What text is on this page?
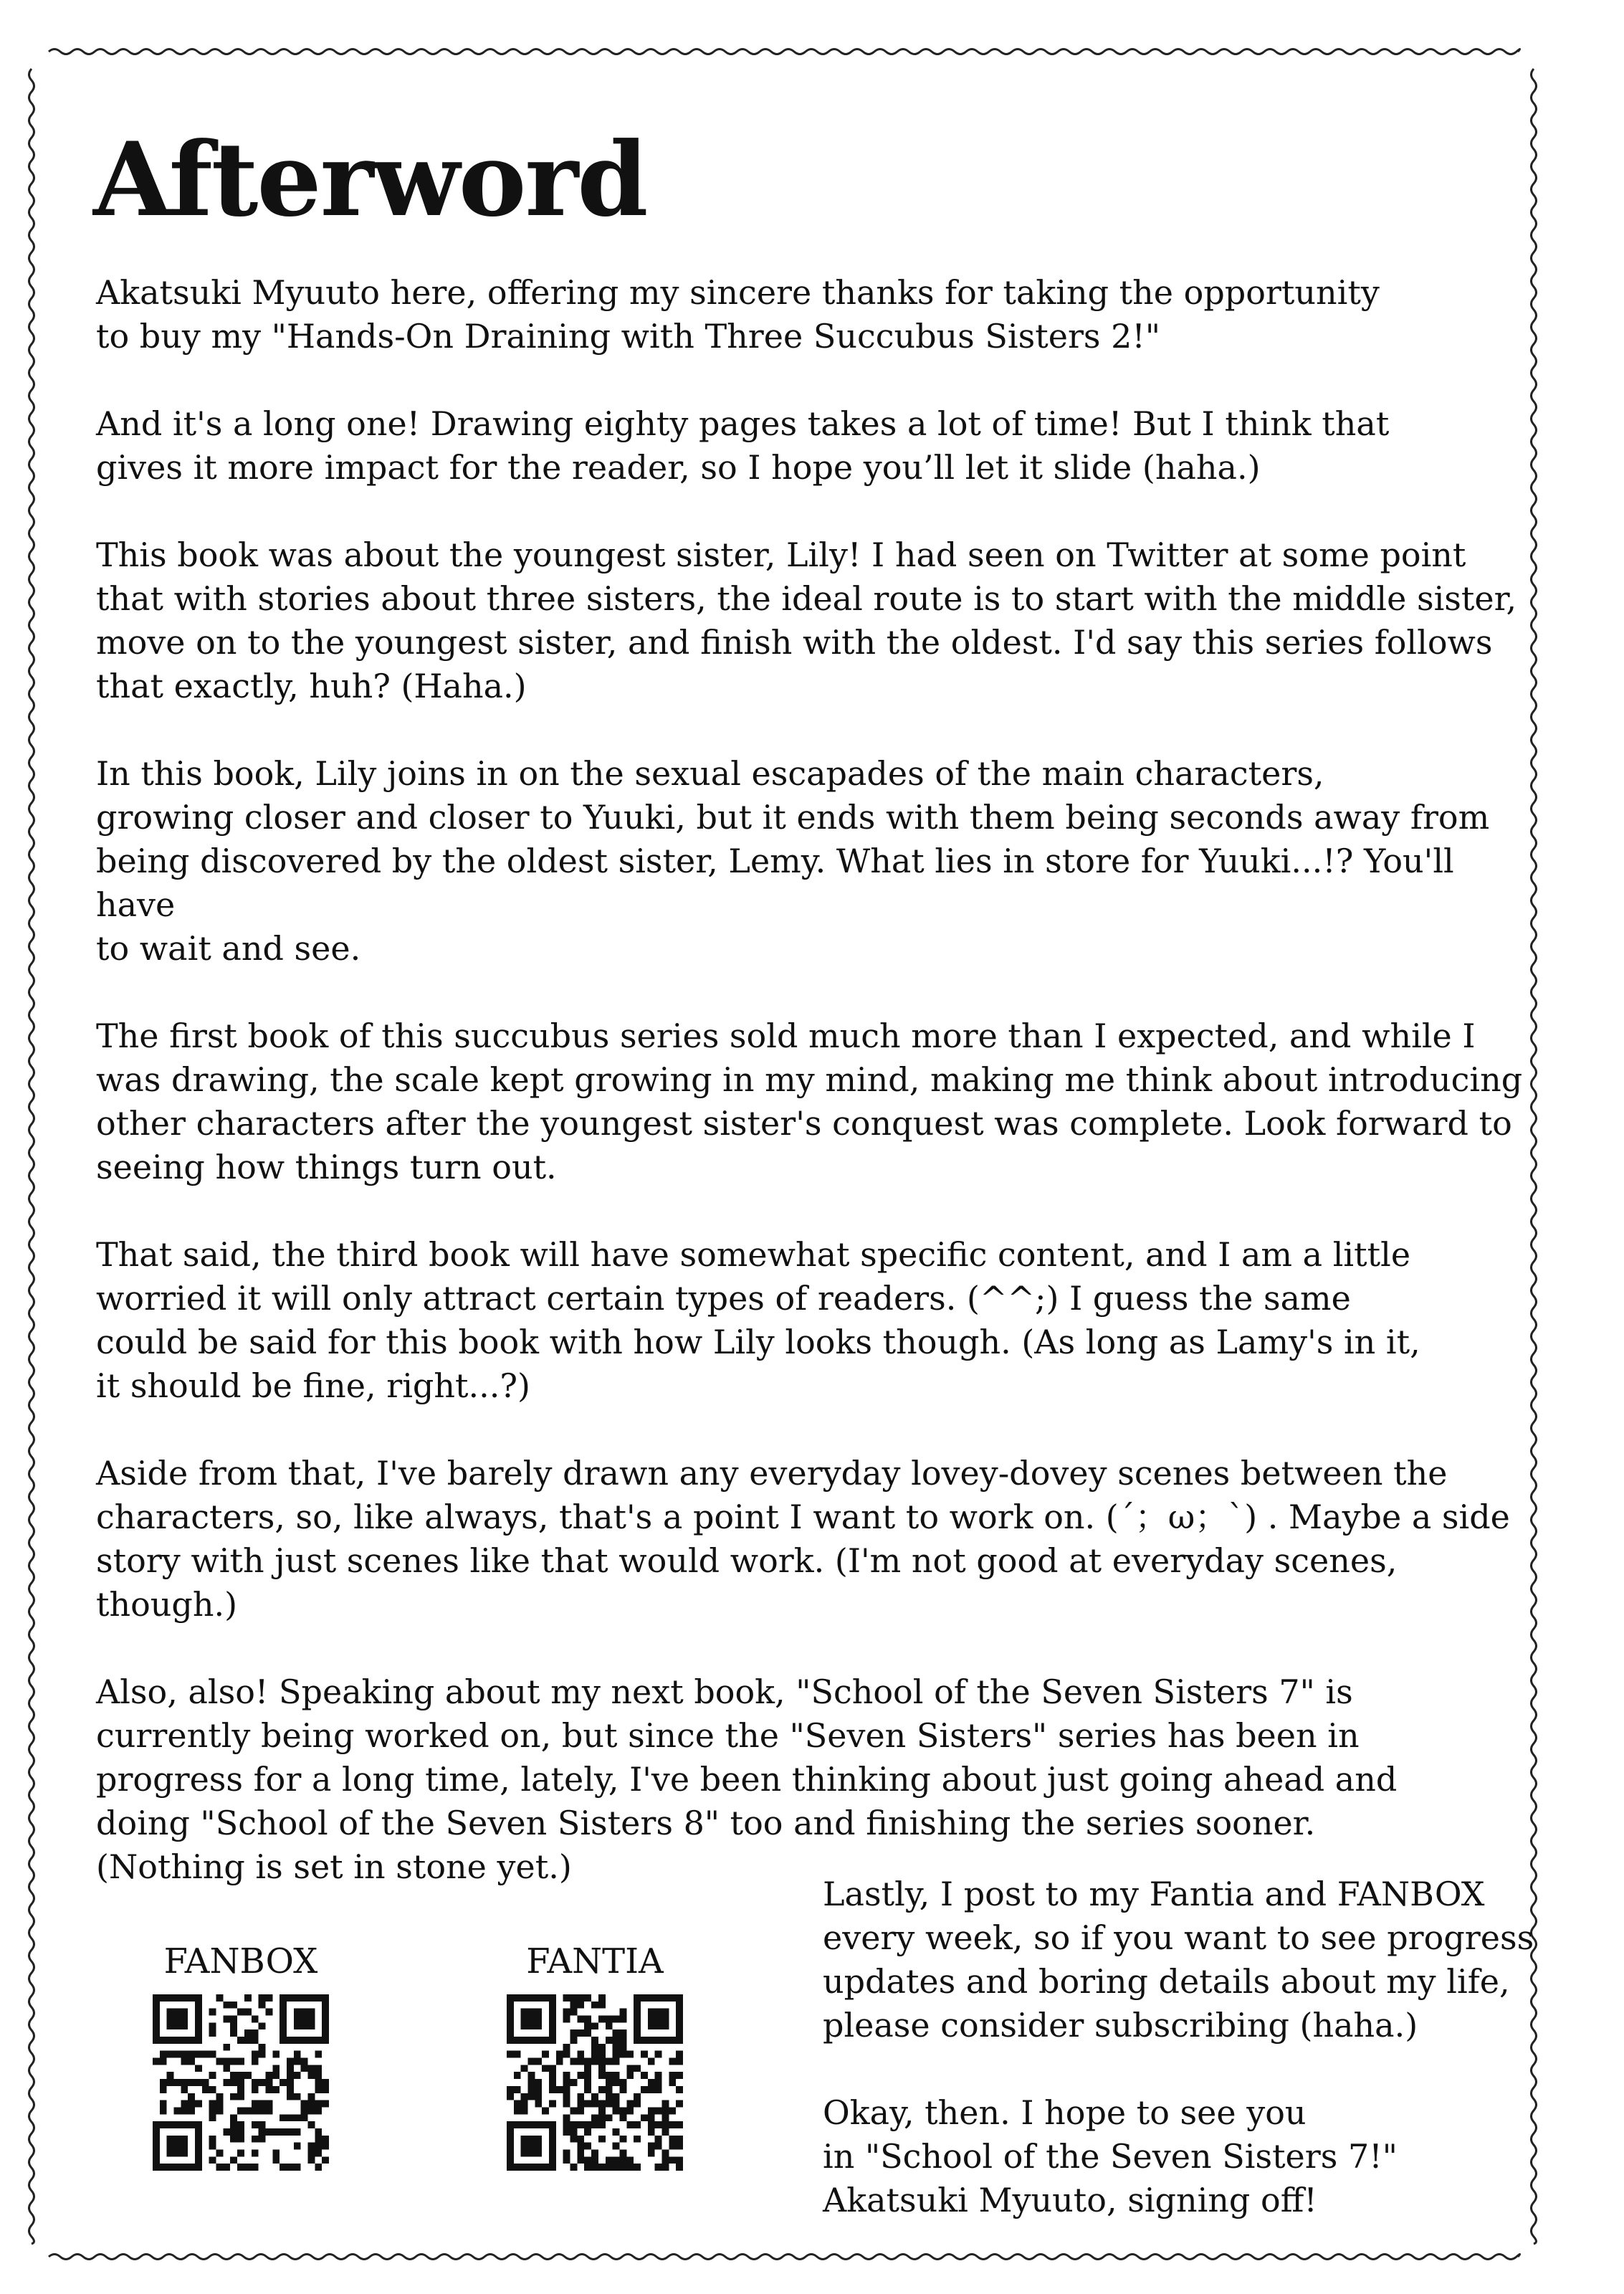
Afterword

Akatsuki Myuuto here, offering my sincere thanks for taking the opportunity
to buy my "Hands-On Draining with Three Succubus Sisters 2!"

And it's a long one! Drawing eighty pages takes a lot of time! But I think that
gives it more impact for the reader, so I hope you’ll let it slide (haha.)

This book was about the youngest sister, Lily! I had seen on Twitter at some point
that with stories about three sisters, the ideal route is to start with the middle sister,
move on to the youngest sister, and finish with the oldest. I'd say this series follows
that exactly, huh? (Haha.)

In this book, Lily joins in on the sexual escapades of the main characters,
growing closer and closer to Yuuki, but it ends with them being seconds away from
being discovered by the oldest sister, Lemy. What lies in store for Yuuki...!? You'll have
to wait and see.

The first book of this succubus series sold much more than I expected, and while I
was drawing, the scale kept growing in my mind, making me think about introducing
other characters after the youngest sister's conquest was complete. Look forward to
seeing how things turn out.

That said, the third book will have somewhat specific content, and I am a little
worried it will only attract certain types of readers. (^^;) I guess the same
could be said for this book with how Lily looks though. (As long as Lamy's in it,
it should be fine, right...?)

Aside from that, I've barely drawn any everyday lovey-dovey scenes between the
characters, so, like always, that's a point I want to work on. (´；ω；`) . Maybe a side
story with just scenes like that would work. (I'm not good at everyday scenes, though.)

Also, also! Speaking about my next book, "School of the Seven Sisters 7" is
currently being worked on, but since the "Seven Sisters" series has been in
progress for a long time, lately, I've been thinking about just going ahead and
doing "School of the Seven Sisters 8" too and finishing the series sooner.
(Nothing is set in stone yet.)

FANBOX	FANTIA

Lastly, I post to my Fantia and FANBOX
every week, so if you want to see progress
updates and boring details about my life,
please consider subscribing (haha.)

Okay, then. I hope to see you
in "School of the Seven Sisters 7!"
Akatsuki Myuuto, signing off!
